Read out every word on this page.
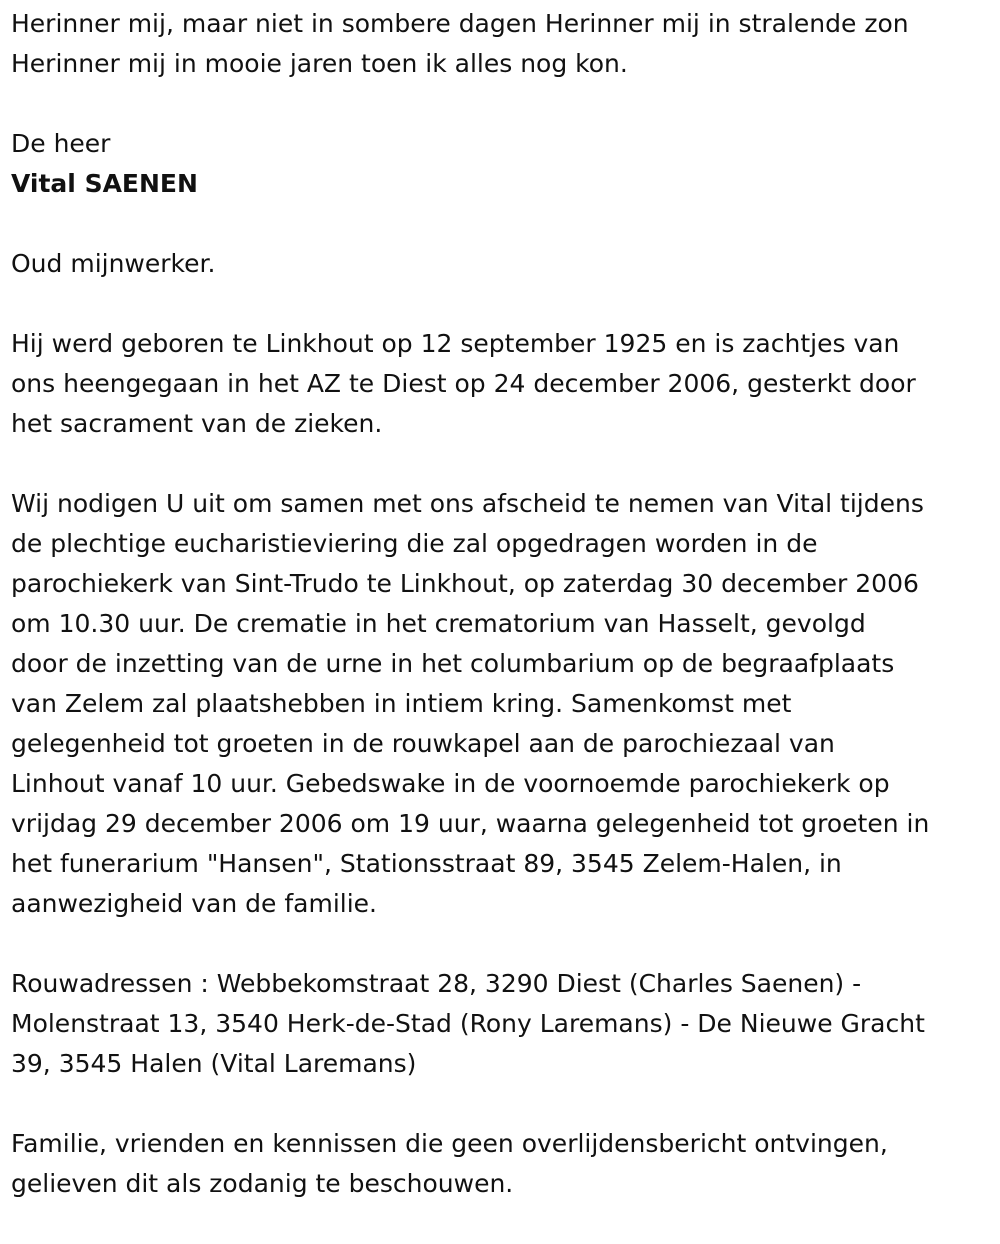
Herinner mij, maar niet in sombere dagen Herinner mij in stralende zon
Herinner mij in mooie jaren toen ik alles nog kon.

De heer

Vital SAENEN

Oud mijnwerker.

Hij werd geboren te Linkhout op 12 september 1925 en is zachtjes van
ons heengegaan in het AZ te Diest op 24 december 2006, gesterkt door
het sacrament van de zieken.

Wij nodigen U uit om samen met ons afscheid te nemen van Vital tijdens
de plechtige eucharistieviering die zal opgedragen worden in de
parochiekerk van Sint-Trudo te Linkhout, op zaterdag 30 december 2006
om 10.30 uur. De crematie in het crematorium van Hasselt, gevolgd
door de inzetting van de urne in het columbarium op de begraafplaats
van Zelem zal plaatshebben in intiem kring. Samenkomst met
gelegenheid tot groeten in de rouwkapel aan de parochiezaal van
Linhout vanaf 10 uur. Gebedswake in de voornoemde parochiekerk op
vrijdag 29 december 2006 om 19 uur, waarna gelegenheid tot groeten in
het funerarium "Hansen", Stationsstraat 89, 3545 Zelem-Halen, in
aanwezigheid van de familie.

Rouwadressen : Webbekomstraat 28, 3290 Diest (Charles Saenen) -
Molenstraat 13, 3540 Herk-de-Stad (Rony Laremans) - De Nieuwe Gracht
39, 3545 Halen (Vital Laremans)

Familie, vrienden en kennissen die geen overlijdensbericht ontvingen,
gelieven dit als zodanig te beschouwen.
